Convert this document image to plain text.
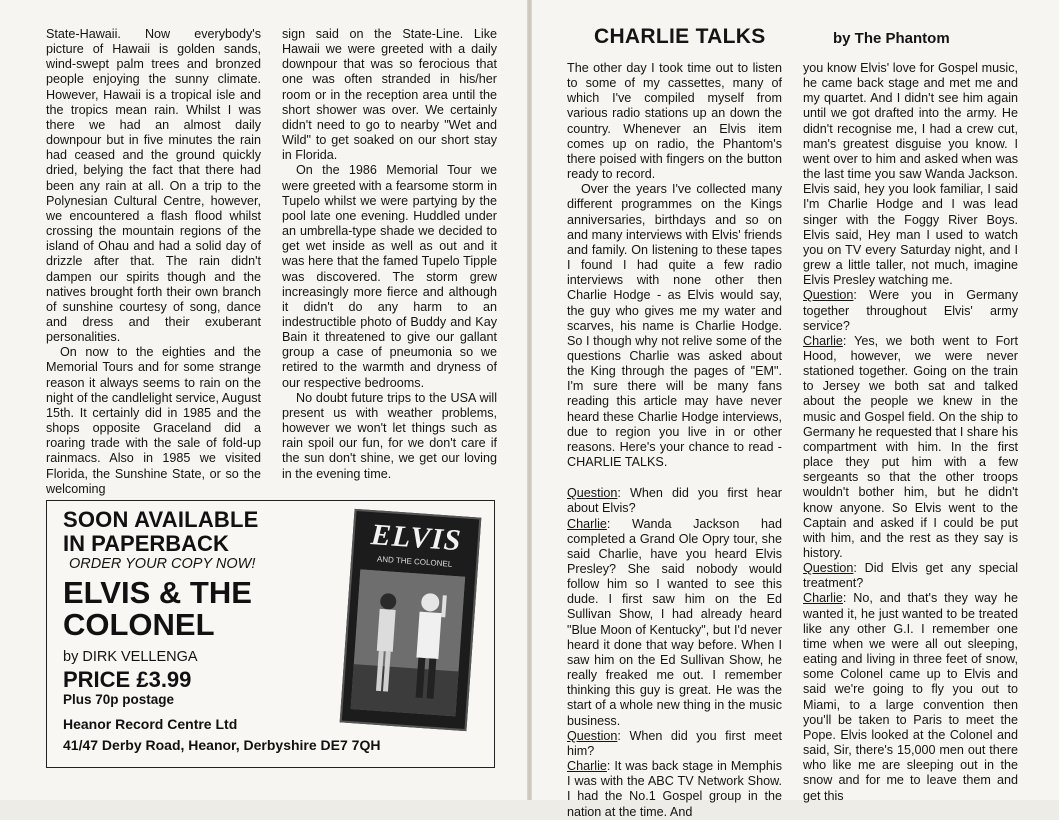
State-Hawaii. Now everybody's picture of Hawaii is golden sands, wind-swept palm trees and bronzed people enjoying the sunny climate. However, Hawaii is a tropical isle and the tropics mean rain. Whilst I was there we had an almost daily downpour but in five minutes the rain had ceased and the ground quickly dried, belying the fact that there had been any rain at all. On a trip to the Polynesian Cultural Centre, however, we encountered a flash flood whilst crossing the mountain regions of the island of Ohau and had a solid day of drizzle after that. The rain didn't dampen our spirits though and the natives brought forth their own branch of sunshine courtesy of song, dance and dress and their exuberant personalities.

On now to the eighties and the Memorial Tours and for some strange reason it always seems to rain on the night of the candlelight service, August 15th. It certainly did in 1985 and the shops opposite Graceland did a roaring trade with the sale of fold-up rainmacs. Also in 1985 we visited Florida, the Sunshine State, or so the welcoming

sign said on the State-Line. Like Hawaii we were greeted with a daily downpour that was so ferocious that one was often stranded in his/her room or in the reception area until the short shower was over. We certainly didn't need to go to nearby "Wet and Wild" to get soaked on our short stay in Florida.

On the 1986 Memorial Tour we were greeted with a fearsome storm in Tupelo whilst we were partying by the pool late one evening. Huddled under an umbrella-type shade we decided to get wet inside as well as out and it was here that the famed Tupelo Tipple was discovered. The storm grew increasingly more fierce and although it didn't do any harm to an indestructible photo of Buddy and Kay Bain it threatened to give our gallant group a case of pneumonia so we retired to the warmth and dryness of our respective bedrooms.

No doubt future trips to the USA will present us with weather problems, however we won't let things such as rain spoil our fun, for we don't care if the sun don't shine, we get our loving in the evening time.

SOON AVAILABLE
IN PAPERBACK
ORDER YOUR COPY NOW!
ELVIS & THE
COLONEL
by DIRK VELLENGA
PRICE £3.99
Plus 70p postage
Heanor Record Centre Ltd
41/47 Derby Road, Heanor, Derbyshire DE7 7QH
ELVIS
AND THE COLONEL
CHARLIE TALKS	by The Phantom

The other day I took time out to listen to some of my cassettes, many of which I've compiled myself from various radio stations up an down the country. Whenever an Elvis item comes up on radio, the Phantom's there poised with fingers on the button ready to record.

Over the years I've collected many different programmes on the Kings anniversaries, birthdays and so on and many interviews with Elvis' friends and family. On listening to these tapes I found I had quite a few radio interviews with none other then Charlie Hodge - as Elvis would say, the guy who gives me my water and scarves, his name is Charlie Hodge. So I though why not relive some of the questions Charlie was asked about the King through the pages of "EM". I'm sure there will be many fans reading this article may have never heard these Charlie Hodge interviews, due to region you live in or other reasons. Here's your chance to read - CHARLIE TALKS.

Question: When did you first hear about Elvis?

Charlie: Wanda Jackson had completed a Grand Ole Opry tour, she said Charlie, have you heard Elvis Presley? She said nobody would follow him so I wanted to see this dude. I first saw him on the Ed Sullivan Show, I had already heard "Blue Moon of Kentucky", but I'd never heard it done that way before. When I saw him on the Ed Sullivan Show, he really freaked me out. I remember thinking this guy is great. He was the start of a whole new thing in the music business.

Question: When did you first meet him?

Charlie: It was back stage in Memphis I was with the ABC TV Network Show. I had the No.1 Gospel group in the nation at the time. And

you know Elvis' love for Gospel music, he came back stage and met me and my quartet. And I didn't see him again until we got drafted into the army. He didn't recognise me, I had a crew cut, man's greatest disguise you know. I went over to him and asked when was the last time you saw Wanda Jackson. Elvis said, hey you look familiar, I said I'm Charlie Hodge and I was lead singer with the Foggy River Boys. Elvis said, Hey man I used to watch you on TV every Saturday night, and I grew a little taller, not much, imagine Elvis Presley watching me.

Question: Were you in Germany together throughout Elvis' army service?

Charlie: Yes, we both went to Fort Hood, however, we were never stationed together. Going on the train to Jersey we both sat and talked about the people we knew in the music and Gospel field. On the ship to Germany he requested that I share his compartment with him. In the first place they put him with a few sergeants so that the other troops wouldn't bother him, but he didn't know anyone. So Elvis went to the Captain and asked if I could be put with him, and the rest as they say is history.

Question: Did Elvis get any special treatment?

Charlie: No, and that's they way he wanted it, he just wanted to be treated like any other G.I. I remember one time when we were all out sleeping, eating and living in three feet of snow, some Colonel came up to Elvis and said we're going to fly you out to Miami, to a large convention then you'll be taken to Paris to meet the Pope. Elvis looked at the Colonel and said, Sir, there's 15,000 men out there who like me are sleeping out in the snow and for me to leave them and get this
